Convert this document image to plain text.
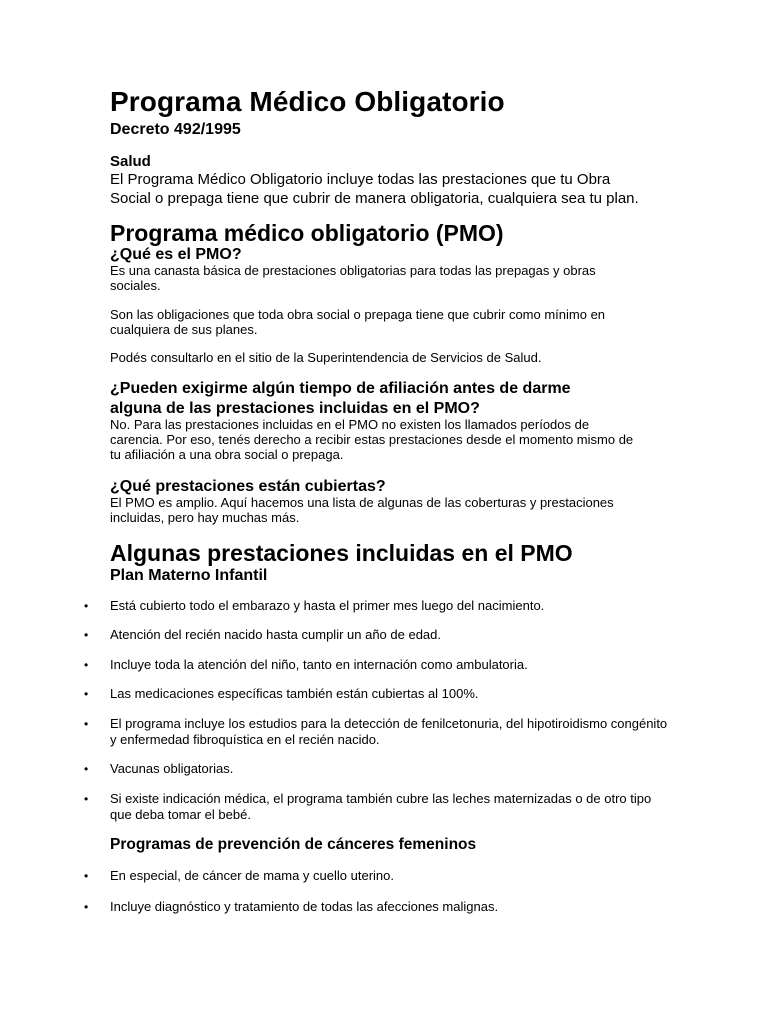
Programa Médico Obligatorio
Decreto 492/1995
Salud
El Programa Médico Obligatorio incluye todas las prestaciones que tu Obra
Social o prepaga tiene que cubrir de manera obligatoria, cualquiera sea tu plan.
Programa médico obligatorio (PMO)
¿Qué es el PMO?
Es una canasta básica de prestaciones obligatorias para todas las prepagas y obras
sociales.
Son las obligaciones que toda obra social o prepaga tiene que cubrir como mínimo en
cualquiera de sus planes.
Podés consultarlo en el sitio de la Superintendencia de Servicios de Salud.
¿Pueden exigirme algún tiempo de afiliación antes de darme
alguna de las prestaciones incluidas en el PMO?
No. Para las prestaciones incluidas en el PMO no existen los llamados períodos de
carencia. Por eso, tenés derecho a recibir estas prestaciones desde el momento mismo de
tu afiliación a una obra social o prepaga.
¿Qué prestaciones están cubiertas?
El PMO es amplio. Aquí hacemos una lista de algunas de las coberturas y prestaciones
incluidas, pero hay muchas más.
Algunas prestaciones incluidas en el PMO
Plan Materno Infantil
•	Está cubierto todo el embarazo y hasta el primer mes luego del nacimiento.
•	Atención del recién nacido hasta cumplir un año de edad.
•	Incluye toda la atención del niño, tanto en internación como ambulatoria.
•	Las medicaciones específicas también están cubiertas al 100%.
•	El programa incluye los estudios para la detección de fenilcetonuria, del hipotiroidismo congénito y enfermedad fibroquística en el recién nacido.
•	Vacunas obligatorias.
•	Si existe indicación médica, el programa también cubre las leches maternizadas o de otro tipo que deba tomar el bebé.
Programas de prevención de cánceres femeninos
•	En especial, de cáncer de mama y cuello uterino.
•	Incluye diagnóstico y tratamiento de todas las afecciones malignas.
